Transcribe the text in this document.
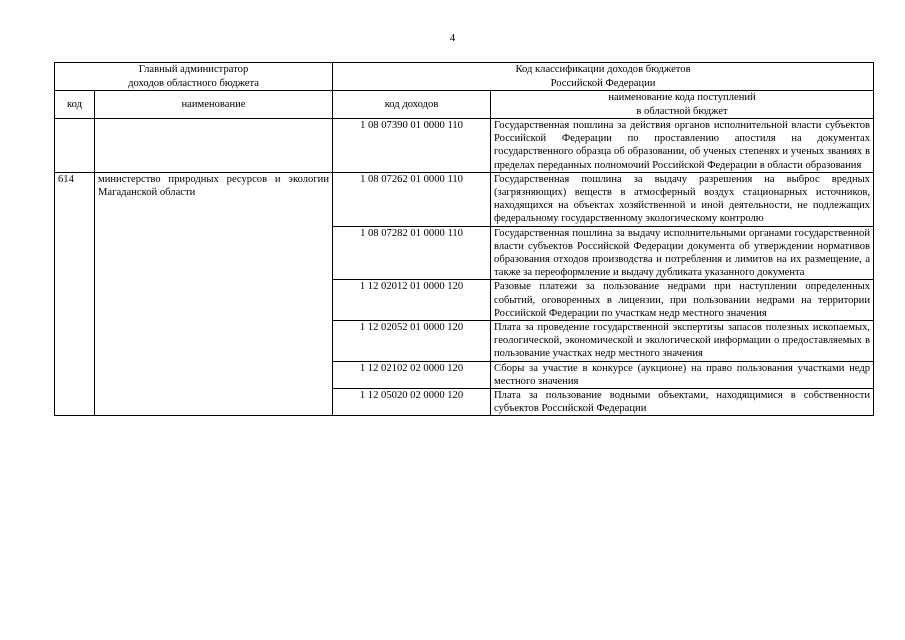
4
Главный администратор
доходов областного бюджета		Код классификации доходов бюджетов
Российской Федерации	

код	наименование	код доходов	наименование кода поступлений
в областной бюджет

		1 08 07390 01 0000 110	Государственная пошлина за действия органов исполнительной власти субъектов Российской Федерации по проставлению апостиля на документах государственного образца об образовании, об ученых степенях и ученых званиях в пределах переданных полномочий Российской Федерации в области образования
614	министерство природных ресурсов и экологии Магаданской области	1 08 07262 01 0000 110	Государственная пошлина за выдачу разрешения на выброс вредных (загрязняющих) веществ в атмосферный воздух стационарных источников, находящихся на объектах хозяйственной и иной деятельности, не подлежащих федеральному государственному экологическому контролю
		1 08 07282 01 0000 110	Государственная пошлина за выдачу исполнительными органами государственной власти субъектов Российской Федерации документа об утверждении нормативов образования отходов производства и потребления и лимитов на их размещение, а также за переоформление и выдачу дубликата указанного документа
		1 12 02012 01 0000 120	Разовые платежи за пользование недрами при наступлении определенных событий, оговоренных в лицензии, при пользовании недрами на территории Российской Федерации по участкам недр местного значения
		1 12 02052 01 0000 120	Плата за проведение государственной экспертизы запасов полезных ископаемых, геологической, экономической и экологической информации о предоставляемых в пользование участках недр местного значения
		1 12 02102 02 0000 120	Сборы за участие в конкурсе (аукционе) на право пользования участками недр местного значения
		1 12 05020 02 0000 120	Плата за пользование водными объектами, находящимися в собственности субъектов Российской Федерации
